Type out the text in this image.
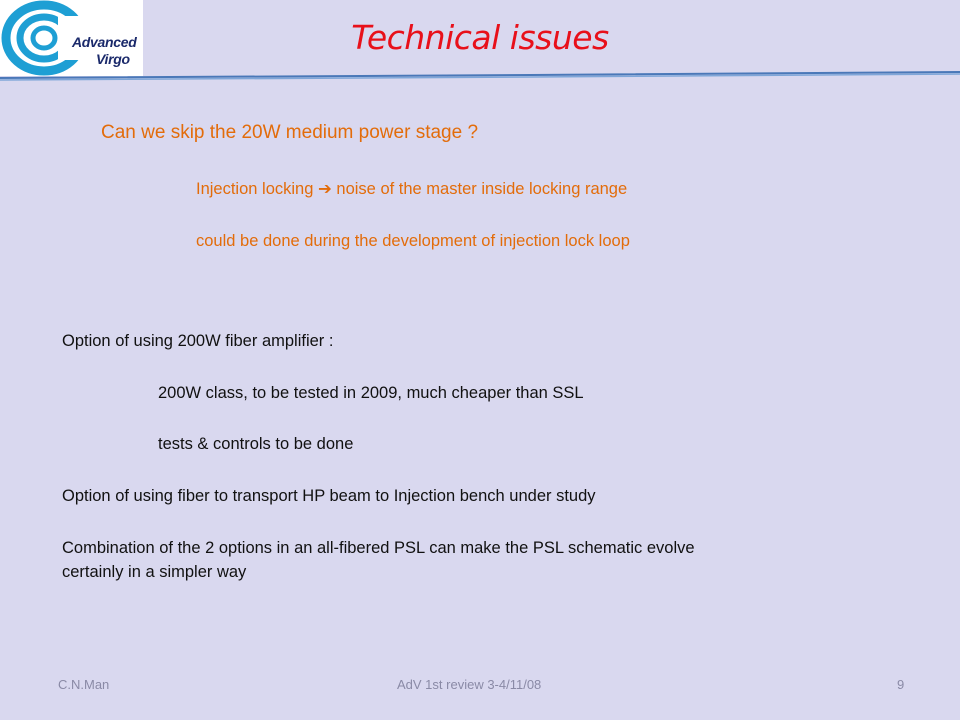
Advanced
Virgo
Technical issues
Can we skip the 20W medium power stage ?
Injection locking ➔ noise of the master inside locking range
could be done during the development of injection lock loop
Option of using 200W fiber amplifier :
200W class, to be tested in 2009, much cheaper than SSL
tests & controls to be done
Option of using fiber to transport HP beam to Injection bench under study
Combination of the 2 options in an all-fibered PSL can make the PSL schematic evolve
certainly in a simpler way
C.N.Man	AdV 1st review 3-4/11/08	9
